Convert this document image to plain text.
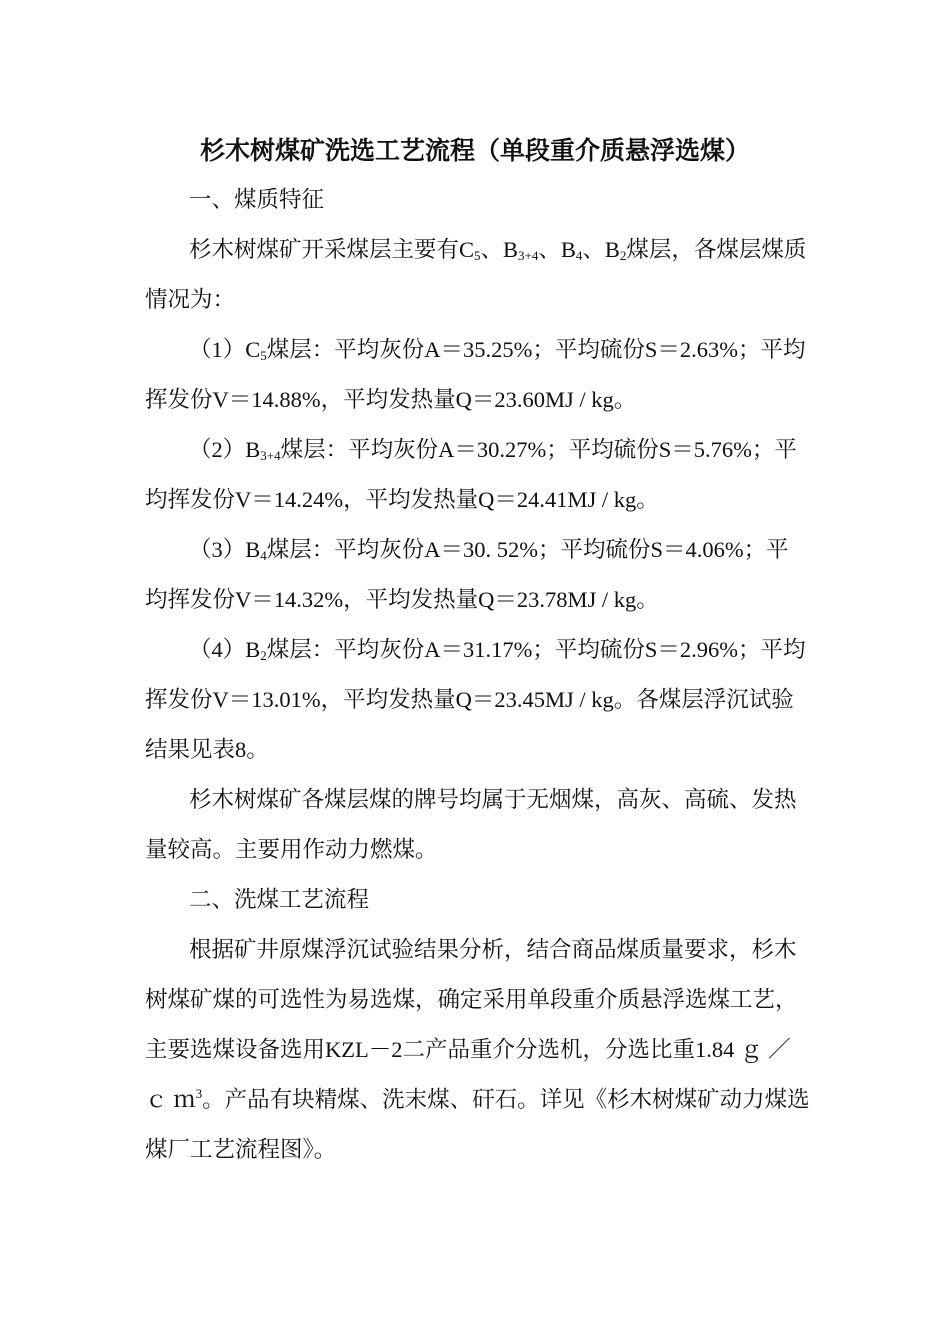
杉木树煤矿洗选工艺流程（单段重介质悬浮选煤）
一、煤质特征
杉木树煤矿开采煤层主要有$C_5$、$B_{3+4}$、$B_4$、$B_2$煤层，各煤层煤质
情况为：
$(1)C_5$煤层：平均灰份A＝35.25%；平均硫份S＝2.63%；平均
挥发份V＝14.88%，平均发热量Q＝23.60MJ / kg。
$(2)B_{3+4}$煤层：平均灰份A＝30.27%；平均硫份S＝5.76%；平
均挥发份V＝14.24%，平均发热量Q＝24.41MJ / kg。
$(3)B_4$煤层：平均灰份A＝30. 52%；平均硫份S＝4.06%；平
均挥发份V＝14.32%，平均发热量Q＝23.78MJ / kg。
$(4)B_2$煤层：平均灰份A＝31.17%；平均硫份S＝2.96%；平均
挥发份V＝13.01%，平均发热量Q＝23.45MJ / kg。各煤层浮沉试验
结果见表8。
杉木树煤矿各煤层煤的牌号均属于无烟煤，高灰、高硫、发热
量较高。主要用作动力燃煤。
二、洗煤工艺流程
根据矿井原煤浮沉试验结果分析，结合商品煤质量要求，杉木
树煤矿煤的可选性为易选煤，确定采用单段重介质悬浮选煤工艺，
主要选煤设备选用KZL－2二产品重介分选机，分选比重1.84 ｇ ／
ｃ ｍ$^3$。产品有块精煤、洗末煤、矸石。详见《杉木树煤矿动力煤选
煤厂工艺流程图》。
